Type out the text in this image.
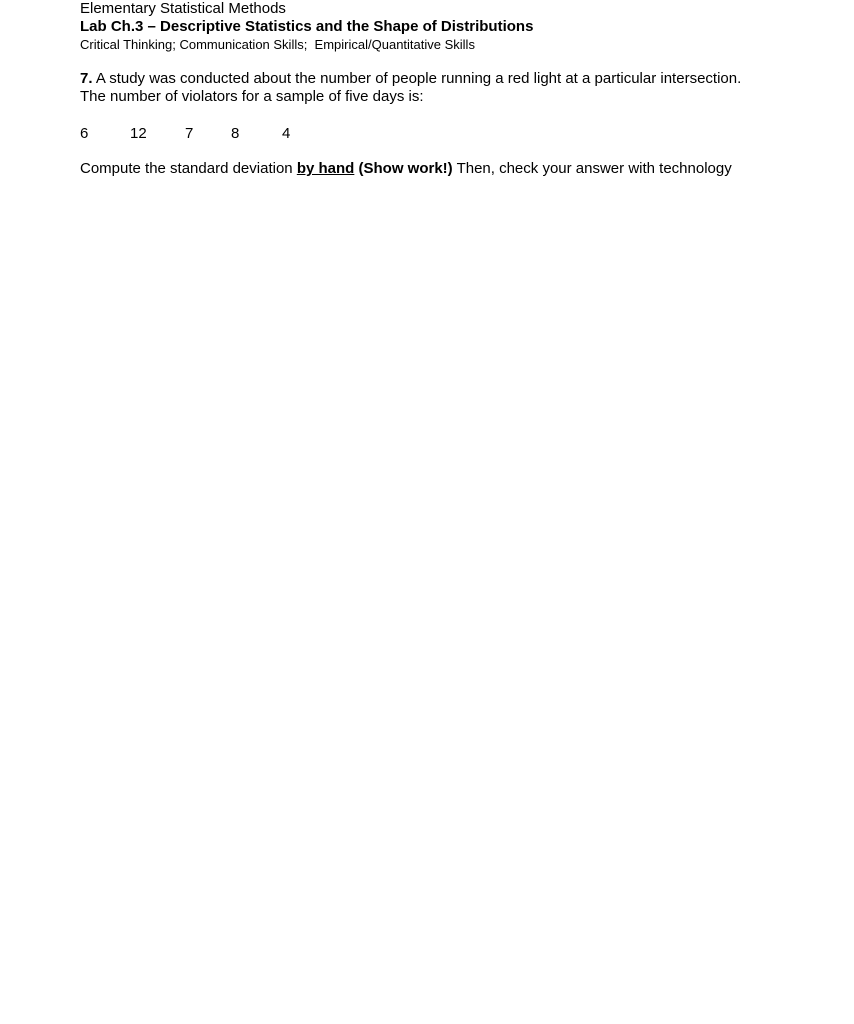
Elementary Statistical Methods

Lab Ch.3 – Descriptive Statistics and the Shape of Distributions

Critical Thinking; Communication Skills;  Empirical/Quantitative Skills

7. A study was conducted about the number of people running a red light at a particular intersection.

The number of violators for a sample of five days is:

6	12	7	8	4
Compute the standard deviation by hand (Show work!) Then, check your answer with technology
